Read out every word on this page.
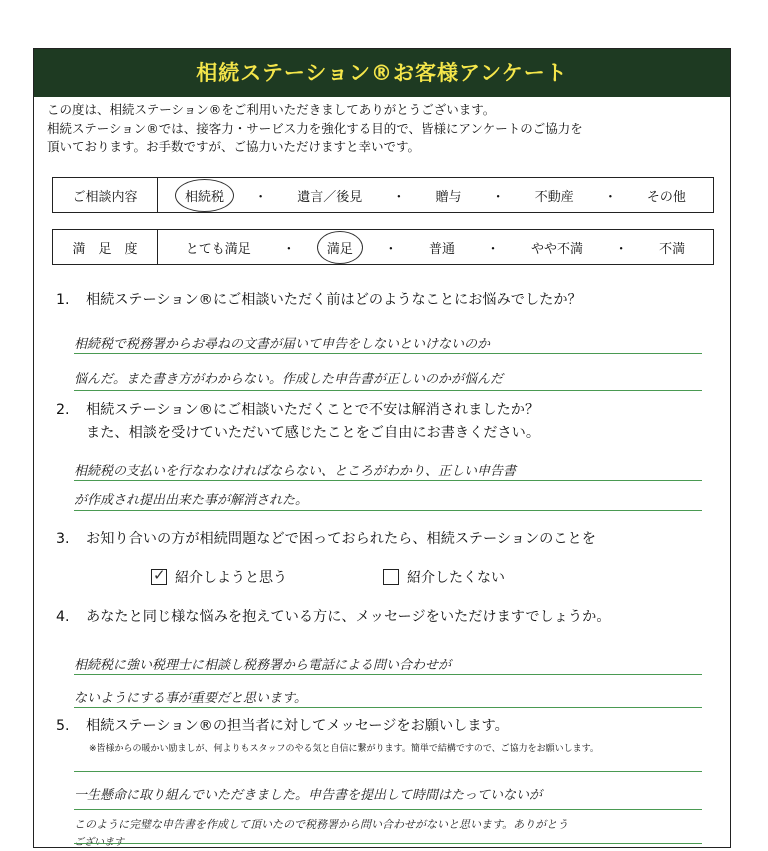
相続ステーション®お客様アンケート
この度は、相続ステーション®をご利用いただきましてありがとうございます。
相続ステーション®では、接客力・サービス力を強化する目的で、皆様にアンケートのご協力を
頂いております。お手数ですが、ご協力いただけますと幸いです。
ご相談内容	相続税	・	遺言／後見	・	贈与	・	不動産	・	その他
満　足　度	とても満足	・	満足	・	普通	・	やや不満	・	不満
1. 相続ステーション®にご相談いただく前はどのようなことにお悩みでしたか？
相続税で税務署からお尋ねの文書が届いて申告をしないといけないのか
悩んだ。また書き方がわからない。作成した申告書が正しいのかが悩んだ
2. 相続ステーション®にご相談いただくことで不安は解消されましたか？
また、相談を受けていただいて感じたことをご自由にお書きください。
相続税の支払いを行なわなければならない、ところがわかり、正しい申告書
が作成され提出出来た事が解消された。
3. お知り合いの方が相続問題などで困っておられたら、相続ステーションのことを
✓
紹介しようと思う	紹介したくない
4. あなたと同じ様な悩みを抱えている方に、メッセージをいただけますでしょうか。
相続税に強い税理士に相談し税務署から電話による問い合わせが
ないようにする事が重要だと思います。
5. 相続ステーション®の担当者に対してメッセージをお願いします。
※皆様からの暖かい励ましが、何よりもスタッフのやる気と自信に繋がります。簡単で結構ですので、ご協力をお願いします。
一生懸命に取り組んでいただきました。申告書を提出して時間はたっていないが
このように完璧な申告書を作成して頂いたので税務署から問い合わせがないと思います。ありがとう
ございます
